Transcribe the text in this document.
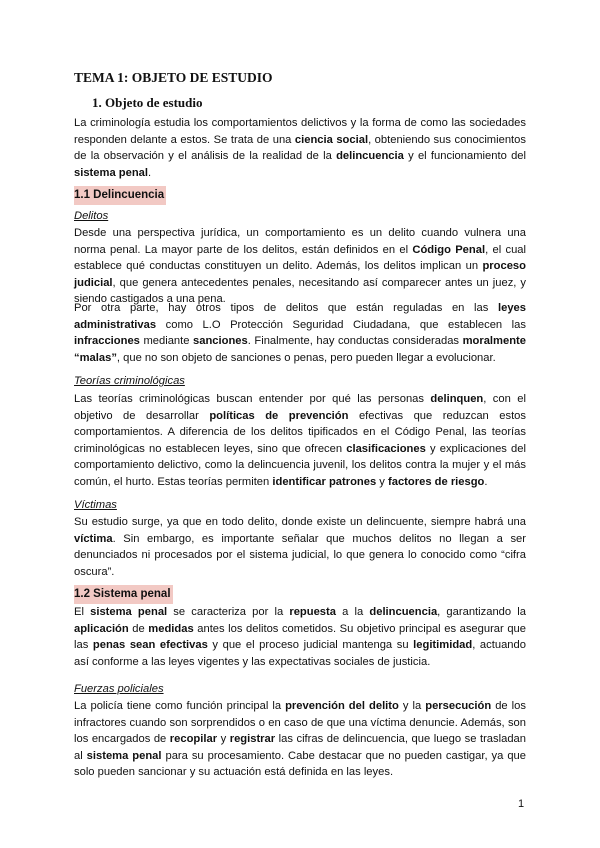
TEMA 1: OBJETO DE ESTUDIO
1. Objeto de estudio

La criminología estudia los comportamientos delictivos y la forma de como las sociedades responden delante a estos. Se trata de una ciencia social, obteniendo sus conocimientos de la observación y el análisis de la realidad de la delincuencia y el funcionamiento del sistema penal.

1.1 Delincuencia
Delitos

Desde una perspectiva jurídica, un comportamiento es un delito cuando vulnera una norma penal. La mayor parte de los delitos, están definidos en el Código Penal, el cual establece qué conductas constituyen un delito. Además, los delitos implican un proceso judicial, que genera antecedentes penales, necesitando así comparecer antes un juez, y siendo castigados a una pena.

Por otra parte, hay otros tipos de delitos que están reguladas en las leyes administrativas como L.O Protección Seguridad Ciudadana, que establecen las infracciones mediante sanciones. Finalmente, hay conductas consideradas moralmente “malas”, que no son objeto de sanciones o penas, pero pueden llegar a evolucionar.

Teorías criminológicas

Las teorías criminológicas buscan entender por qué las personas delinquen, con el objetivo de desarrollar políticas de prevención efectivas que reduzcan estos comportamientos. A diferencia de los delitos tipificados en el Código Penal, las teorías criminológicas no establecen leyes, sino que ofrecen clasificaciones y explicaciones del comportamiento delictivo, como la delincuencia juvenil, los delitos contra la mujer y el más común, el hurto. Estas teorías permiten identificar patrones y factores de riesgo.

Víctimas

Su estudio surge, ya que en todo delito, donde existe un delincuente, siempre habrá una víctima. Sin embargo, es importante señalar que muchos delitos no llegan a ser denunciados ni procesados por el sistema judicial, lo que genera lo conocido como “cifra oscura”.

1.2 Sistema penal

El sistema penal se caracteriza por la repuesta a la delincuencia, garantizando la aplicación de medidas antes los delitos cometidos. Su objetivo principal es asegurar que las penas sean efectivas y que el proceso judicial mantenga su legitimidad, actuando así conforme a las leyes vigentes y las expectativas sociales de justicia.

Fuerzas policiales

La policía tiene como función principal la prevención del delito y la persecución de los infractores cuando son sorprendidos o en caso de que una víctima denuncie. Además, son los encargados de recopilar y registrar las cifras de delincuencia, que luego se trasladan al sistema penal para su procesamiento. Cabe destacar que no pueden castigar, ya que solo pueden sancionar y su actuación está definida en las leyes.

1
